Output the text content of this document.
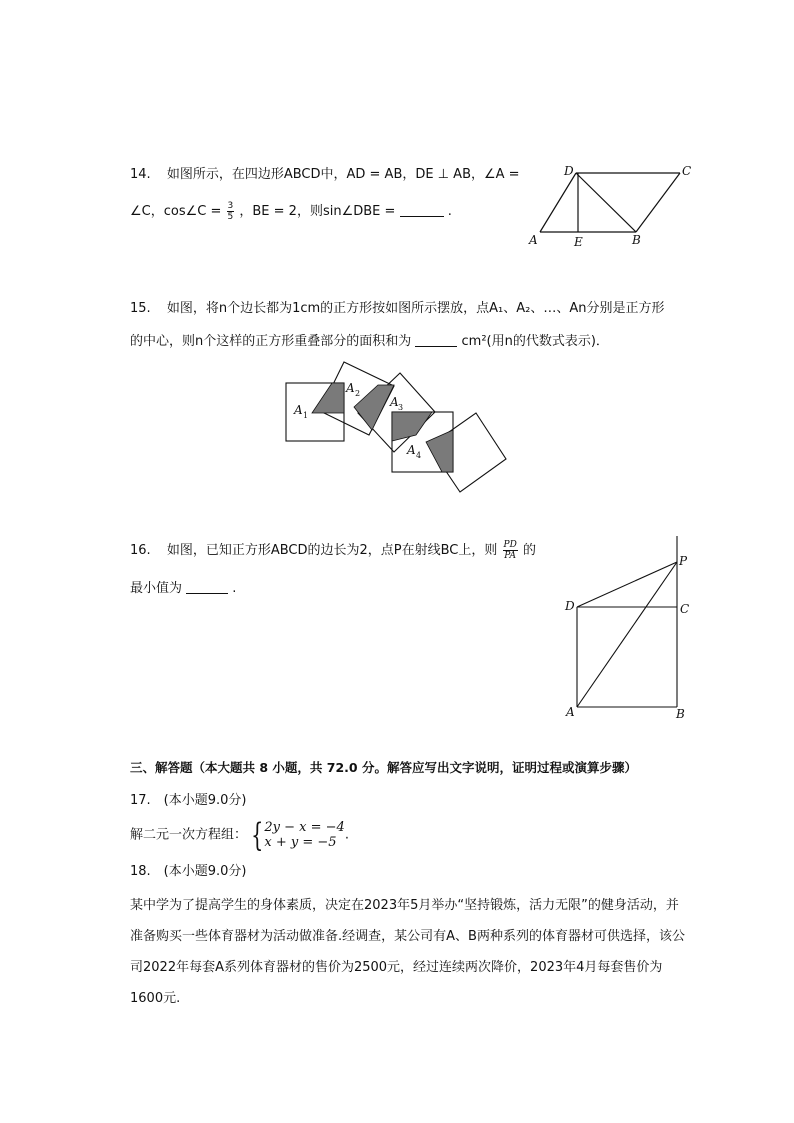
14. 如图所示，在四边形ABCD中，AD = AB，DE ⊥ AB，∠A =
∠C，cos∠C = $\frac{3}{5}$ ，BE = 2，则sin∠DBE =	.
D	C
A	E	B
15. 如图，将n个边长都为1cm的正方形按如图所示摆放，点A₁、A₂、…、An分别是正方形
的中心，则n个这样的正方形重叠部分的面积和为	cm²(用n的代数式表示)．
A 1
A 2
A 3
A 4
16. 如图，已知正方形ABCD的边长为2，点P在射线BC上，则 $\frac{PD}{PA}$ 的
最小值为	.
P
D	C
A	B
三、解答题（本大题共 8 小题，共 72.0 分。解答应写出文字说明，证明过程或演算步骤）
17.　(本小题9.0分)
解二元一次方程组： { 2y − x = −4
x + y = −5 .
18.　(本小题9.0分)
某中学为了提高学生的身体素质，决定在2023年5月举办“坚持锻炼，活力无限”的健身活动，并准备购买一些体育器材为活动做准备.经调查，某公司有A、B两种系列的体育器材可供选择，该公司2022年每套A系列体育器材的售价为2500元，经过连续两次降价，2023年4月每套售价为1600元.
